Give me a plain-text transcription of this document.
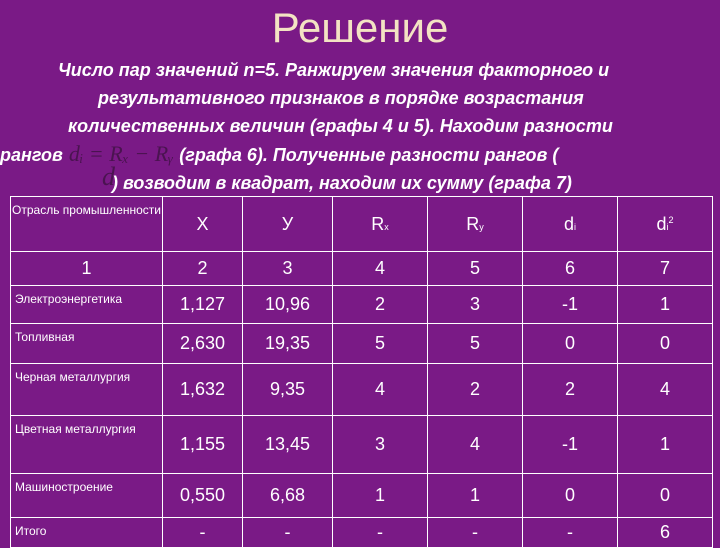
Решение
Число пар значений n=5. Ранжируем значения факторного и
результативного признаков в порядке возрастания
количественных величин (графы 4 и 5). Находим разности
рангов dᵢ = Rₓ − Rᵧ (графа 6). Полученные разности рангов (
) возводим в квадрат, находим их сумму (графа 7)
d
Отрасль промышленности	Х	У	Rx	Ry	di	$di^2$
1	2	3	4	5	6	7
Электроэнергетика	1,127	10,96	2	3	-1	1
Топливная	2,630	19,35	5	5	0	0
Черная металлургия	1,632	9,35	4	2	2	4
Цветная металлургия	1,155	13,45	3	4	-1	1
Машиностроение	0,550	6,68	1	1	0	0
Итого	-	-	-	-	-	6
